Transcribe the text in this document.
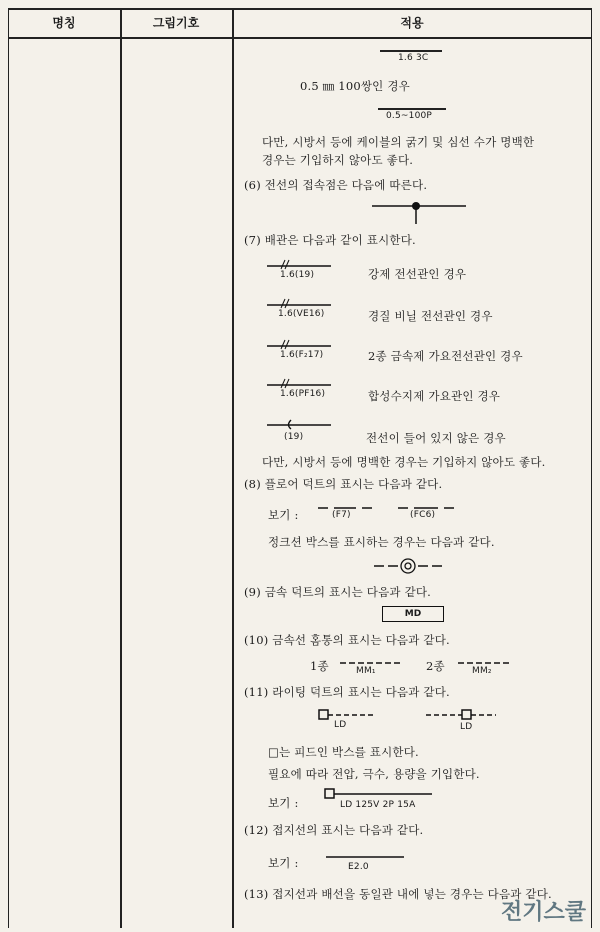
명칭	그림기호	적용
1.6 3C
0.5 ㎜ 100쌍인 경우
0.5~100P
다만, 시방서 등에 케이블의 굵기 및 심선 수가 명백한
경우는 기입하지 않아도 좋다.
(6) 전선의 접속점은 다음에 따른다.
(7) 배관은 다음과 같이 표시한다.
1.6(19)	강제 전선관인 경우
1.6(VE16)	경질 비닐 전선관인 경우
1.6(F₂17)	2종 금속제 가요전선관인 경우
1.6(PF16)	합성수지제 가요관인 경우
(19)	전선이 들어 있지 않은 경우
다만, 시방서 등에 명백한 경우는 기입하지 않아도 좋다.
(8) 플로어 덕트의 표시는 다음과 같다.
보기 :	(F7)	(FC6)
정크션 박스를 표시하는 경우는 다음과 같다.
(9) 금속 덕트의 표시는 다음과 같다.
MD
(10) 금속선 홈통의 표시는 다음과 같다.
1종	MM₁	2종	MM₂
(11) 라이팅 덕트의 표시는 다음과 같다.
LD	LD
□는 피드인 박스를 표시한다.
필요에 따라 전압, 극수, 용량을 기입한다.
보기 :	LD 125V 2P 15A
(12) 접지선의 표시는 다음과 같다.
보기 :	E2.0
(13) 접지선과 배선을 동일관 내에 넣는 경우는 다음과 같다.
전기스쿨
